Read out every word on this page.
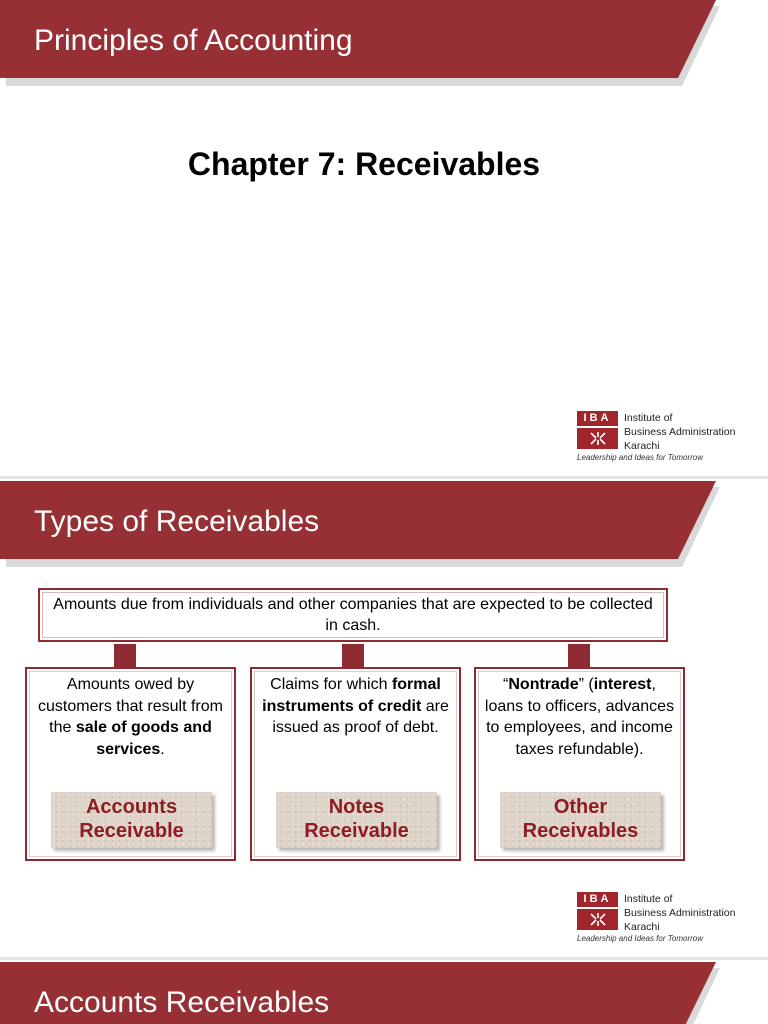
Principles of Accounting
Chapter 7: Receivables
IBA	Institute of
Business Administration
Karachi
Leadership and Ideas for Tomorrow
Types of Receivables
Amounts due from individuals and other companies that are expected to be collected in cash.
Amounts owed by customers that result from the sale of goods and services.
Accounts Receivable
Claims for which formal instruments of credit are issued as proof of debt.
Notes Receivable
“Nontrade” (interest, loans to officers, advances to employees, and income taxes refundable).
Other Receivables
IBA	Institute of
Business Administration
Karachi
Leadership and Ideas for Tomorrow
Accounts Receivables
